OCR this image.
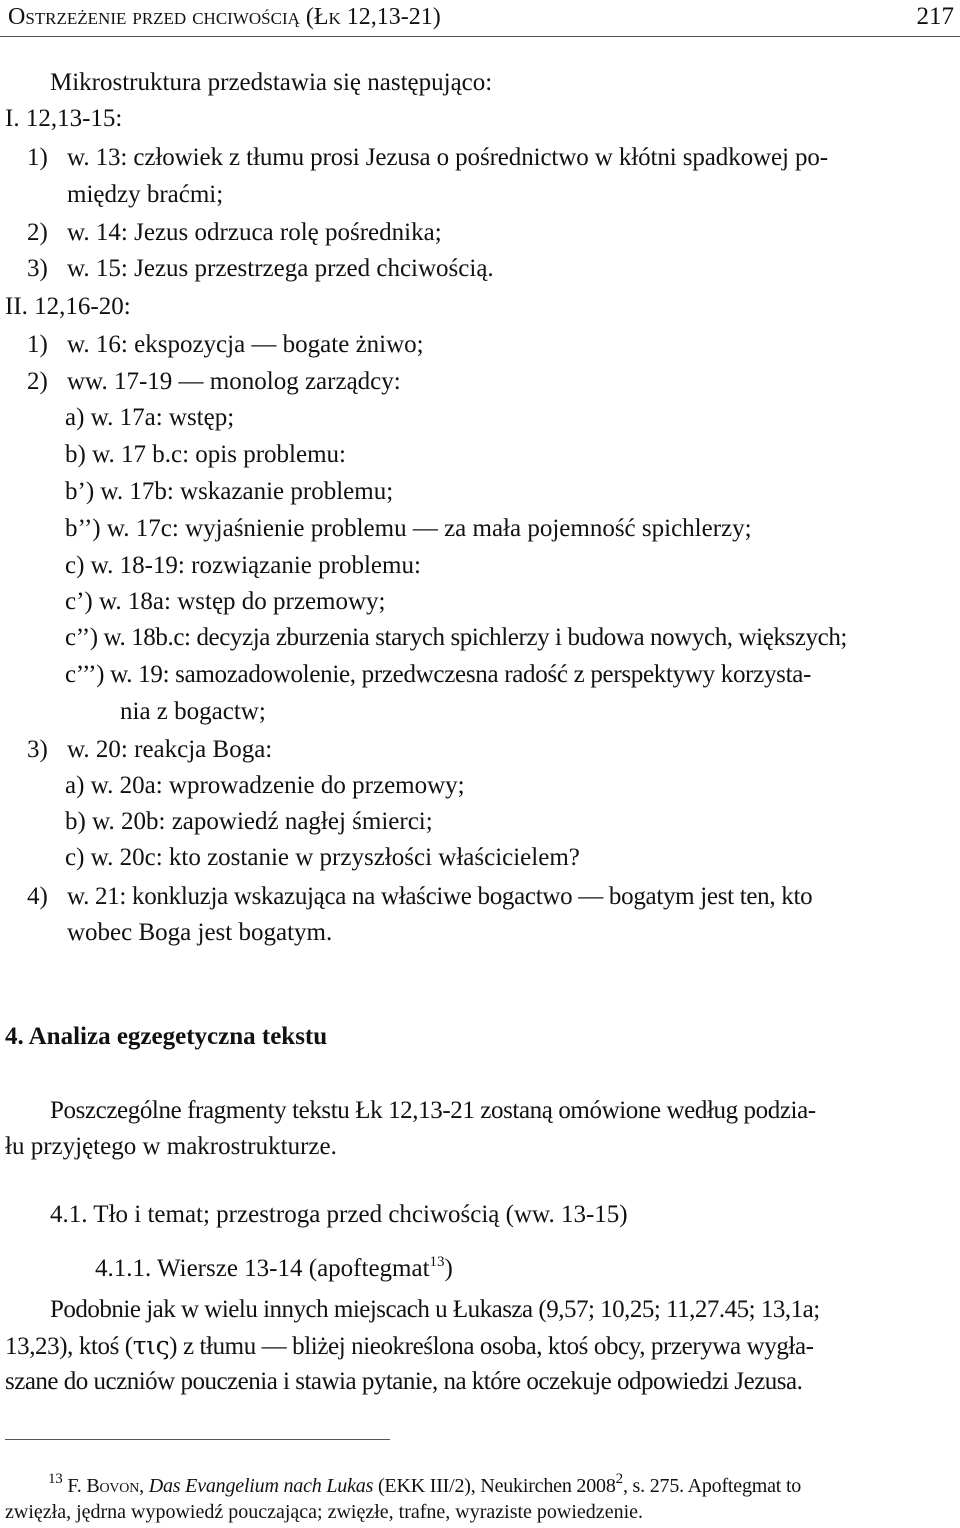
Ostrzeżenie przed chciwością (Łk 12,13-21)	217
Mikrostruktura przedstawia się następująco:
I. 12,13-15:
1) w. 13: człowiek z tłumu prosi Jezusa o pośrednictwo w kłótni spadkowej po-
między braćmi;
2) w. 14: Jezus odrzuca rolę pośrednika;
3) w. 15: Jezus przestrzega przed chciwością.
II. 12,16-20:
1) w. 16: ekspozycja — bogate żniwo;
2) ww. 17-19 — monolog zarządcy:
a) w. 17a: wstęp;
b) w. 17 b.c: opis problemu:
b’) w. 17b: wskazanie problemu;
b’’) w. 17c: wyjaśnienie problemu — za mała pojemność spichlerzy;
c) w. 18-19: rozwiązanie problemu:
c’) w. 18a: wstęp do przemowy;
c’’) w. 18b.c: decyzja zburzenia starych spichlerzy i budowa nowych, większych;
c’’’) w. 19: samozadowolenie, przedwczesna radość z perspektywy korzysta-
nia z bogactw;
3) w. 20: reakcja Boga:
a) w. 20a: wprowadzenie do przemowy;
b) w. 20b: zapowiedź nagłej śmierci;
c) w. 20c: kto zostanie w przyszłości właścicielem?
4) w. 21: konkluzja wskazująca na właściwe bogactwo — bogatym jest ten, kto
wobec Boga jest bogatym.
4. Analiza egzegetyczna tekstu
Poszczególne fragmenty tekstu Łk 12,13-21 zostaną omówione według podzia-
łu przyjętego w makrostrukturze.
4.1. Tło i temat; przestroga przed chciwością (ww. 13-15)
4.1.1. Wiersze 13-14 (apoftegmat$^{13}$)
Podobnie jak w wielu innych miejscach u Łukasza (9,57; 10,25; 11,27.45; 13,1a;
13,23), ktoś (τις) z tłumu — bliżej nieokreślona osoba, ktoś obcy, przerywa wygła-
szane do uczniów pouczenia i stawia pytanie, na które oczekuje odpowiedzi Jezusa.
$^{13}$ F. Bovon, Das Evangelium nach Lukas (EKK III/2), Neukirchen 2008$^2$, s. 275. Apoftegmat to
zwięzła, jędrna wypowiedź pouczająca; zwięzłe, trafne, wyraziste powiedzenie.
